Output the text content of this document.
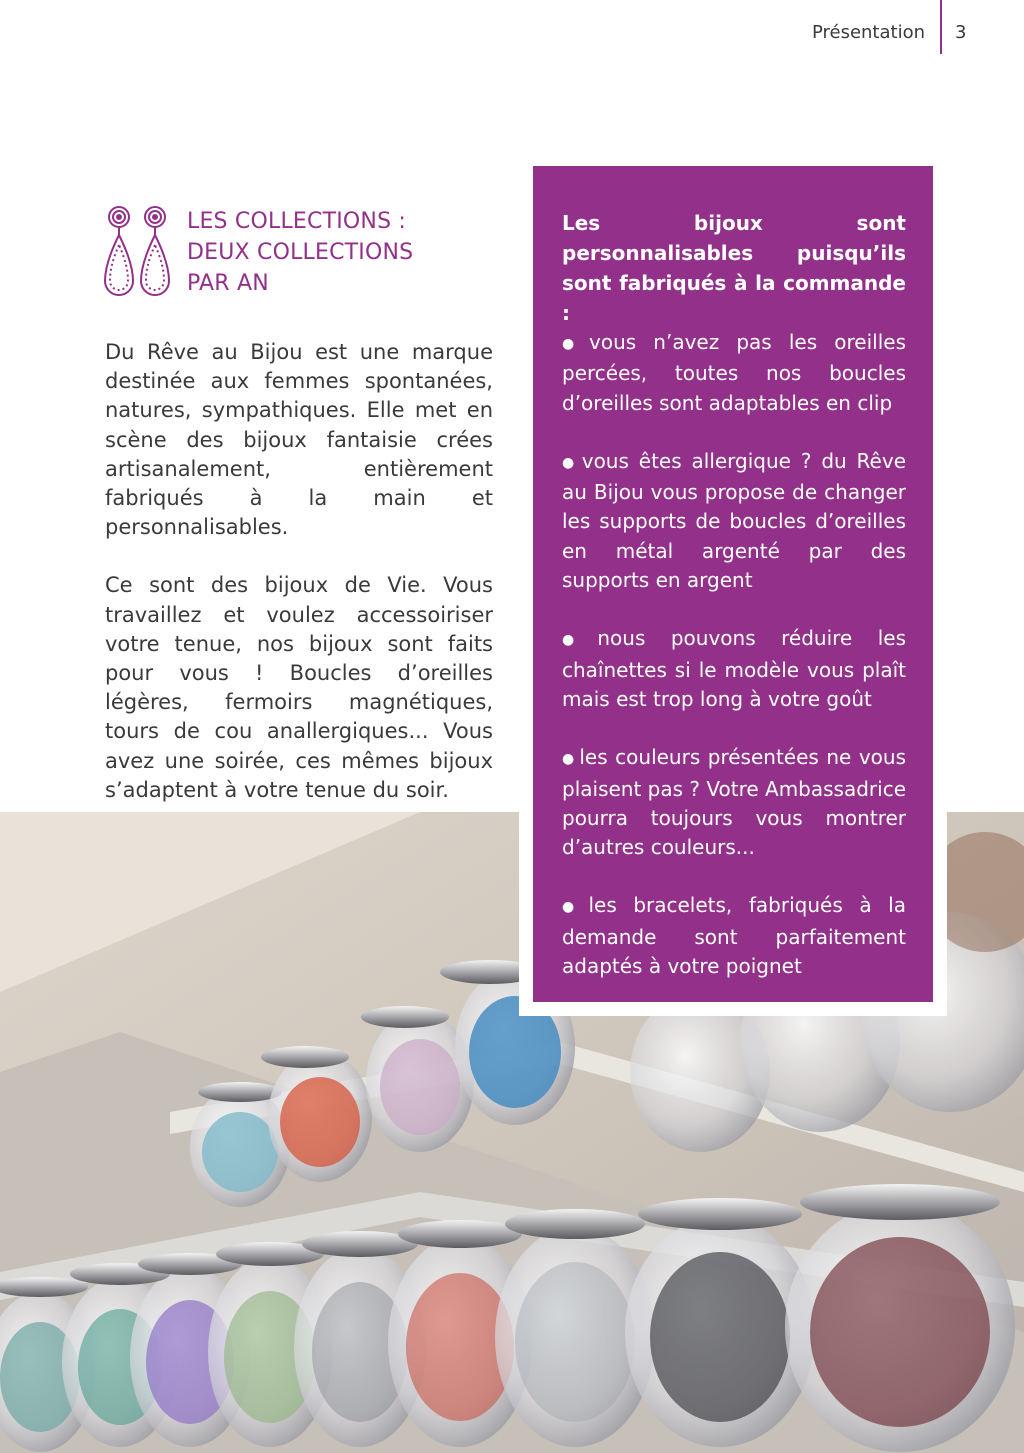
Présentation 3
LES COLLECTIONS :
DEUX COLLECTIONS
PAR AN

Du Rêve au Bijou est une marque destinée aux femmes spontanées, natures, sympathiques. Elle met en scène des bijoux fantaisie crées artisanalement, entièrement fabriqués à la main et personnalisables.

Ce sont des bijoux de Vie. Vous travaillez et voulez accessoiriser votre tenue, nos bijoux sont faits pour vous ! Boucles d’oreilles légères, fermoirs magnétiques, tours de cou anallergiques... Vous avez une soirée, ces mêmes bijoux s’adaptent à votre tenue du soir.

Les bijoux sont personnalisables puisqu’ils sont fabriqués à la commande :

● vous n’avez pas les oreilles percées, toutes nos boucles d’oreilles sont adaptables en clip

● vous êtes allergique ? du Rêve au Bijou vous propose de changer les supports de boucles d’oreilles en métal argenté par des supports en argent

● nous pouvons réduire les chaînettes si le modèle vous plaît mais est trop long à votre goût

● les couleurs présentées ne vous plaisent pas ? Votre Ambassadrice pourra toujours vous montrer d’autres couleurs...

● les bracelets, fabriqués à la demande sont parfaitement adaptés à votre poignet
